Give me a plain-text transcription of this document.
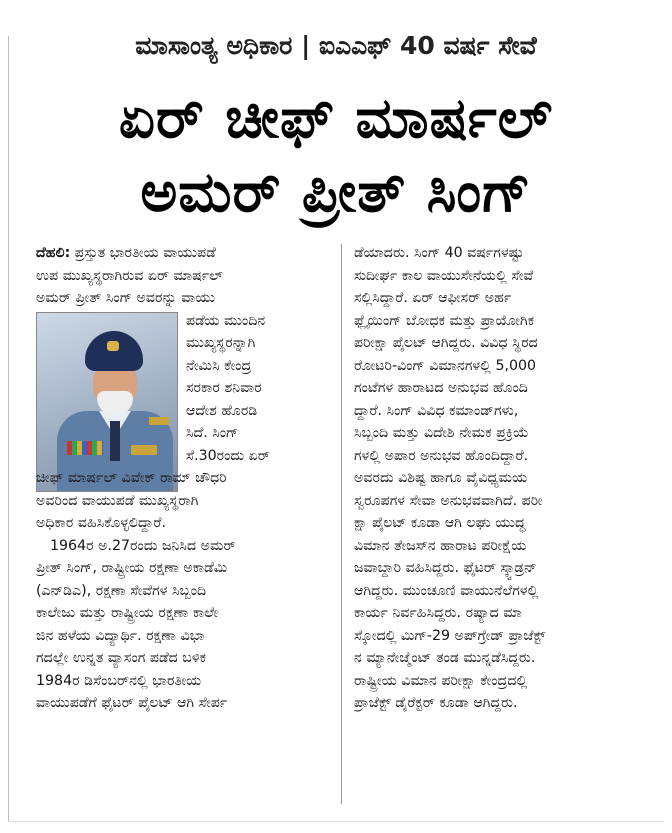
ಮಾಸಾಂತ್ಯ ಅಧಿಕಾರ | ಐಎಎಫ್ 40 ವರ್ಷ ಸೇವೆ
ಏರ್ ಚೀಫ್ ಮಾರ್ಷಲ್
ಅಮರ್ ಪ್ರೀತ್ ಸಿಂಗ್
ದೆಹಲಿ: ಪ್ರಸ್ತುತ ಭಾರತೀಯ ವಾಯುಪಡೆ
ಉಪ ಮುಖ್ಯಸ್ಥರಾಗಿರುವ ಏರ್ ಮಾರ್ಷಲ್
ಅಮರ್ ಪ್ರೀತ್ ಸಿಂಗ್ ಅವರನ್ನು ವಾಯು
ಪಡೆಯ ಮುಂದಿನ
ಮುಖ್ಯಸ್ಥರನ್ನಾಗಿ
ನೇಮಿಸಿ ಕೇಂದ್ರ
ಸರಕಾರ ಶನಿವಾರ
ಆದೇಶ ಹೊರಡಿ
ಸಿದೆ. ಸಿಂಗ್
ಸೆ.30ರಂದು ಏರ್
ಚೀಫ್ ಮಾರ್ಷಲ್ ವಿವೇಕ್ ರಾಮ್ ಚೌಧರಿ
ಅವರಿಂದ ವಾಯುಪಡೆ ಮುಖ್ಯಸ್ಥರಾಗಿ
ಅಧಿಕಾರ ವಹಿಸಿಕೊಳ್ಳಲಿದ್ದಾರೆ.
1964ರ ಅ.27ರಂದು ಜನಿಸಿದ ಅಮರ್
ಪ್ರೀತ್ ಸಿಂಗ್, ರಾಷ್ಟ್ರೀಯ ರಕ್ಷಣಾ ಅಕಾಡೆಮಿ
(ಎನ್‌ಡಿಎ), ರಕ್ಷಣಾ ಸೇವೆಗಳ ಸಿಬ್ಬಂದಿ
ಕಾಲೇಜು ಮತ್ತು ರಾಷ್ಟ್ರೀಯ ರಕ್ಷಣಾ ಕಾಲೇ
ಜಿನ ಹಳೆಯ ವಿದ್ಯಾರ್ಥಿ. ರಕ್ಷಣಾ ವಿಭಾ
ಗದಲ್ಲೇ ಉನ್ನತ ವ್ಯಾಸಂಗ ಪಡೆದ ಬಳಿಕ
1984ರ ಡಿಸೆಂಬರ್‌ನಲ್ಲಿ ಭಾರತೀಯ
ವಾಯುಪಡೆಗೆ ಫೈಟರ್ ಪೈಲಟ್ ಆಗಿ ಸೇರ್ಪ
ಡೆಯಾದರು. ಸಿಂಗ್ 40 ವರ್ಷಗಳಷ್ಟು
ಸುದೀರ್ಘ ಕಾಲ ವಾಯುಸೇನೆಯಲ್ಲಿ ಸೇವೆ
ಸಲ್ಲಿಸಿದ್ದಾರೆ. ಏರ್ ಆಫೀಸರ್ ಅರ್ಹ
ಫ್ಲೈಯಿಂಗ್ ಬೋಧಕ ಮತ್ತು ಪ್ರಾಯೋಗಿಕ
ಪರೀಕ್ಷಾ ಪೈಲಟ್ ಆಗಿದ್ದರು. ವಿವಿಧ ಸ್ಥಿರದ
ರೋಟರಿ-ವಿಂಗ್ ವಿಮಾನಗಳಲ್ಲಿ 5,000
ಗಂಟೆಗಳ ಹಾರಾಟದ ಅನುಭವ ಹೊಂದಿ
ದ್ದಾರೆ. ಸಿಂಗ್ ವಿವಿಧ ಕಮಾಂಡ್‌ಗಳು,
ಸಿಬ್ಬಂದಿ ಮತ್ತು ವಿದೇಶಿ ನೇಮಕ ಪ್ರಕ್ರಿಯೆ
ಗಳಲ್ಲಿ ಅಪಾರ ಅನುಭವ ಹೊಂದಿದ್ದಾರೆ.
ಅವರದು ವಿಶಿಷ್ಟ ಹಾಗೂ ವೈವಿಧ್ಯಮಯ
ಸ್ವರೂಪಗಳ ಸೇವಾ ಅನುಭವವಾಗಿದೆ. ಪರೀ
ಕ್ಷಾ ಪೈಲಟ್ ಕೂಡಾ ಆಗಿ ಲಘು ಯುದ್ಧ
ವಿಮಾನ ತೇಜಸ್‌ನ ಹಾರಾಟ ಪರೀಕ್ಷೆಯ
ಜವಾಬ್ದಾರಿ ವಹಿಸಿದ್ದರು. ಫೈಟರ್ ಸ್ಕ್ವಾಡ್ರನ್
ಆಗಿದ್ದರು. ಮುಂಚೂಣಿ ವಾಯುನೆಲೆಗಳಲ್ಲಿ
ಕಾರ್ಯ ನಿರ್ವಹಿಸಿದ್ದರು. ರಷ್ಯಾದ ಮಾ
ಸ್ಕೋದಲ್ಲಿ ಮಿಗ್-29 ಅಪ್‌ಗ್ರೇಡ್ ಪ್ರಾಜೆಕ್ಟ್
ನ ಮ್ಯಾನೇಜ್ಮೆಂಟ್ ತಂಡ ಮುನ್ನಡೆಸಿದ್ದರು.
ರಾಷ್ಟ್ರೀಯ ವಿಮಾನ ಪರೀಕ್ಷಾ ಕೇಂದ್ರದಲ್ಲಿ
ಪ್ರಾಜೆಕ್ಟ್ ಡೈರೆಕ್ಟರ್ ಕೂಡಾ ಆಗಿದ್ದರು.
